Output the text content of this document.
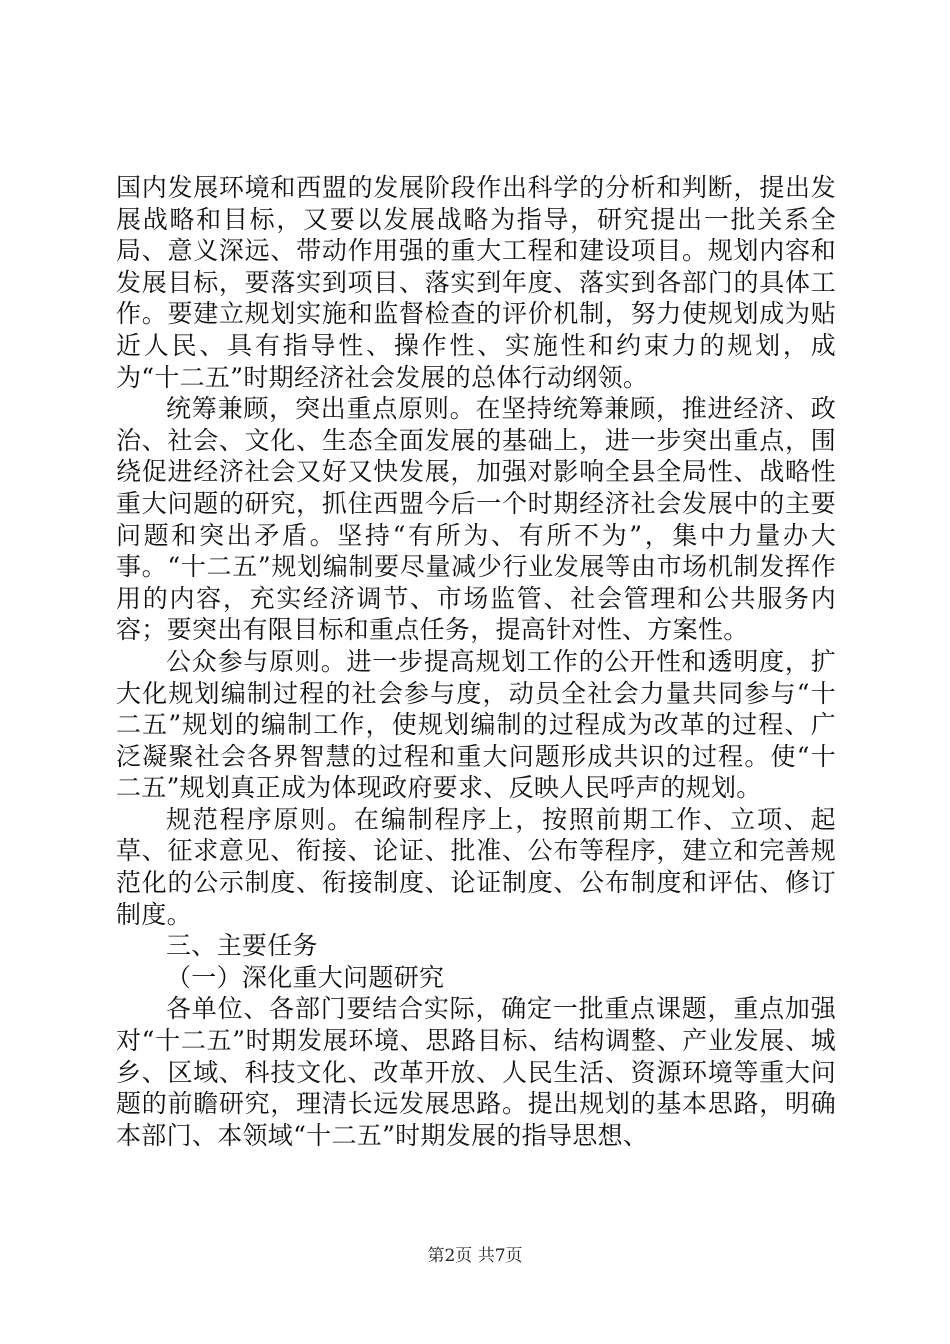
国内发展环境和西盟的发展阶段作出科学的分析和判断，提出发展战略和目标，又要以发展战略为指导，研究提出一批关系全局、意义深远、带动作用强的重大工程和建设项目。规划内容和发展目标，要落实到项目、落实到年度、落实到各部门的具体工作。要建立规划实施和监督检查的评价机制，努力使规划成为贴近人民、具有指导性、操作性、实施性和约束力的规划，成为“十二五”时期经济社会发展的总体行动纲领。

统筹兼顾，突出重点原则。在坚持统筹兼顾，推进经济、政治、社会、文化、生态全面发展的基础上，进一步突出重点，围绕促进经济社会又好又快发展，加强对影响全县全局性、战略性重大问题的研究，抓住西盟今后一个时期经济社会发展中的主要问题和突出矛盾。坚持“有所为、有所不为”，集中力量办大事。“十二五”规划编制要尽量减少行业发展等由市场机制发挥作用的内容，充实经济调节、市场监管、社会管理和公共服务内容；要突出有限目标和重点任务，提高针对性、方案性。

公众参与原则。进一步提高规划工作的公开性和透明度，扩大化规划编制过程的社会参与度，动员全社会力量共同参与“十二五”规划的编制工作，使规划编制的过程成为改革的过程、广泛凝聚社会各界智慧的过程和重大问题形成共识的过程。使“十二五”规划真正成为体现政府要求、反映人民呼声的规划。

规范程序原则。在编制程序上，按照前期工作、立项、起草、征求意见、衔接、论证、批准、公布等程序，建立和完善规范化的公示制度、衔接制度、论证制度、公布制度和评估、修订制度。

三、主要任务

（一）深化重大问题研究

各单位、各部门要结合实际，确定一批重点课题，重点加强对“十二五”时期发展环境、思路目标、结构调整、产业发展、城乡、区域、科技文化、改革开放、人民生活、资源环境等重大问题的前瞻研究，理清长远发展思路。提出规划的基本思路，明确本部门、本领域“十二五”时期发展的指导思想、

第2页 共7页
